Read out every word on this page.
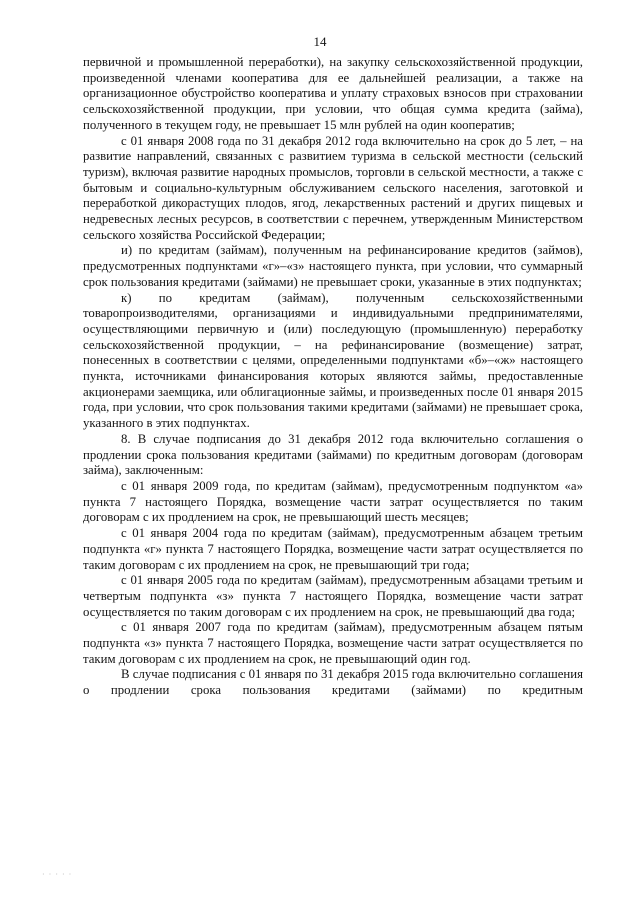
14

первичной и промышленной переработки), на закупку сельскохозяйственной продукции, произведенной членами кооператива для ее дальнейшей реализации, а также на организационное обустройство кооператива и уплату страховых взносов при страховании сельскохозяйственной продукции, при условии, что общая сумма кредита (займа), полученного в текущем году, не превышает 15 млн рублей на один кооператив;

с 01 января 2008 года по 31 декабря 2012 года включительно на срок до 5 лет, – на развитие направлений, связанных с развитием туризма в сельской местности (сельский туризм), включая развитие народных промыслов, торговли в сельской местности, а также с бытовым и социально-культурным обслуживанием сельского населения, заготовкой и переработкой дикорастущих плодов, ягод, лекарственных растений и других пищевых и недревесных лесных ресурсов, в соответствии с перечнем, утвержденным Министерством сельского хозяйства Российской Федерации;

и) по кредитам (займам), полученным на рефинансирование кредитов (займов), предусмотренных подпунктами «г»–«з» настоящего пункта, при условии, что суммарный срок пользования кредитами (займами) не превышает сроки, указанные в этих подпунктах;

к) по кредитам (займам), полученным сельскохозяйственными товаропроизводителями, организациями и индивидуальными предпринимателями, осуществляющими первичную и (или) последующую (промышленную) переработку сельскохозяйственной продукции, – на рефинансирование (возмещение) затрат, понесенных в соответствии с целями, определенными подпунктами «б»–«ж» настоящего пункта, источниками финансирования которых являются займы, предоставленные акционерами заемщика, или облигационные займы, и произведенных после 01 января 2015 года, при условии, что срок пользования такими кредитами (займами) не превышает срока, указанного в этих подпунктах.

8. В случае подписания до 31 декабря 2012 года включительно соглашения о продлении срока пользования кредитами (займами) по кредитным договорам (договорам займа), заключенным:

с 01 января 2009 года, по кредитам (займам), предусмотренным подпунктом «а» пункта 7 настоящего Порядка, возмещение части затрат осуществляется по таким договорам с их продлением на срок, не превышающий шесть месяцев;

с 01 января 2004 года по кредитам (займам), предусмотренным абзацем третьим подпункта «г» пункта 7 настоящего Порядка, возмещение части затрат осуществляется по таким договорам с их продлением на срок, не превышающий три года;

с 01 января 2005 года по кредитам (займам), предусмотренным абзацами третьим и четвертым подпункта «з» пункта 7 настоящего Порядка, возмещение части затрат осуществляется по таким договорам с их продлением на срок, не превышающий два года;

с 01 января 2007 года по кредитам (займам), предусмотренным абзацем пятым подпункта «з» пункта 7 настоящего Порядка, возмещение части затрат осуществляется по таким договорам с их продлением на срок, не превышающий один год.

В случае подписания с 01 января по 31 декабря 2015 года включительно соглашения о продлении срока пользования кредитами (займами) по кредитным

· · · · ·
